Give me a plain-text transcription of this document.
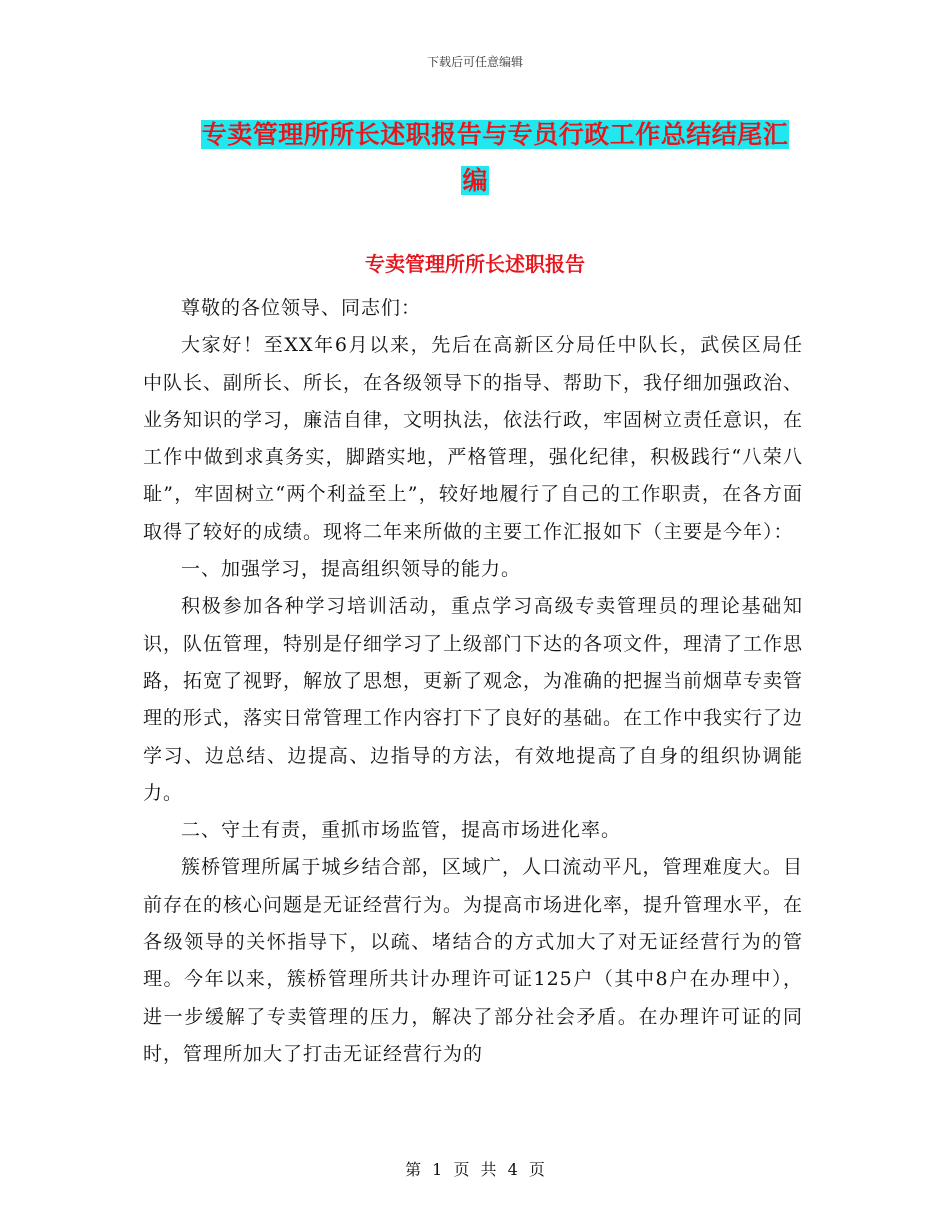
下载后可任意编辑
专卖管理所所长述职报告与专员行政工作总结结尾汇
编
专卖管理所所长述职报告

尊敬的各位领导、同志们：

大家好！至XX年6月以来，先后在高新区分局任中队长，武侯区局任中队长、副所长、所长，在各级领导下的指导、帮助下，我仔细加强政治、业务知识的学习，廉洁自律，文明执法，依法行政，牢固树立责任意识，在工作中做到求真务实，脚踏实地，严格管理，强化纪律，积极践行“八荣八耻”，牢固树立“两个利益至上”，较好地履行了自己的工作职责，在各方面取得了较好的成绩。现将二年来所做的主要工作汇报如下（主要是今年）：

一、加强学习，提高组织领导的能力。

积极参加各种学习培训活动，重点学习高级专卖管理员的理论基础知识，队伍管理，特别是仔细学习了上级部门下达的各项文件，理清了工作思路，拓宽了视野，解放了思想，更新了观念，为准确的把握当前烟草专卖管理的形式，落实日常管理工作内容打下了良好的基础。在工作中我实行了边学习、边总结、边提高、边指导的方法，有效地提高了自身的组织协调能力。

二、守土有责，重抓市场监管，提高市场进化率。

簇桥管理所属于城乡结合部，区域广，人口流动平凡，管理难度大。目前存在的核心问题是无证经营行为。为提高市场进化率，提升管理水平，在各级领导的关怀指导下，以疏、堵结合的方式加大了对无证经营行为的管理。今年以来，簇桥管理所共计办理许可证125户（其中8户在办理中），进一步缓解了专卖管理的压力，解决了部分社会矛盾。在办理许可证的同时，管理所加大了打击无证经营行为的

第 1 页 共 4 页
